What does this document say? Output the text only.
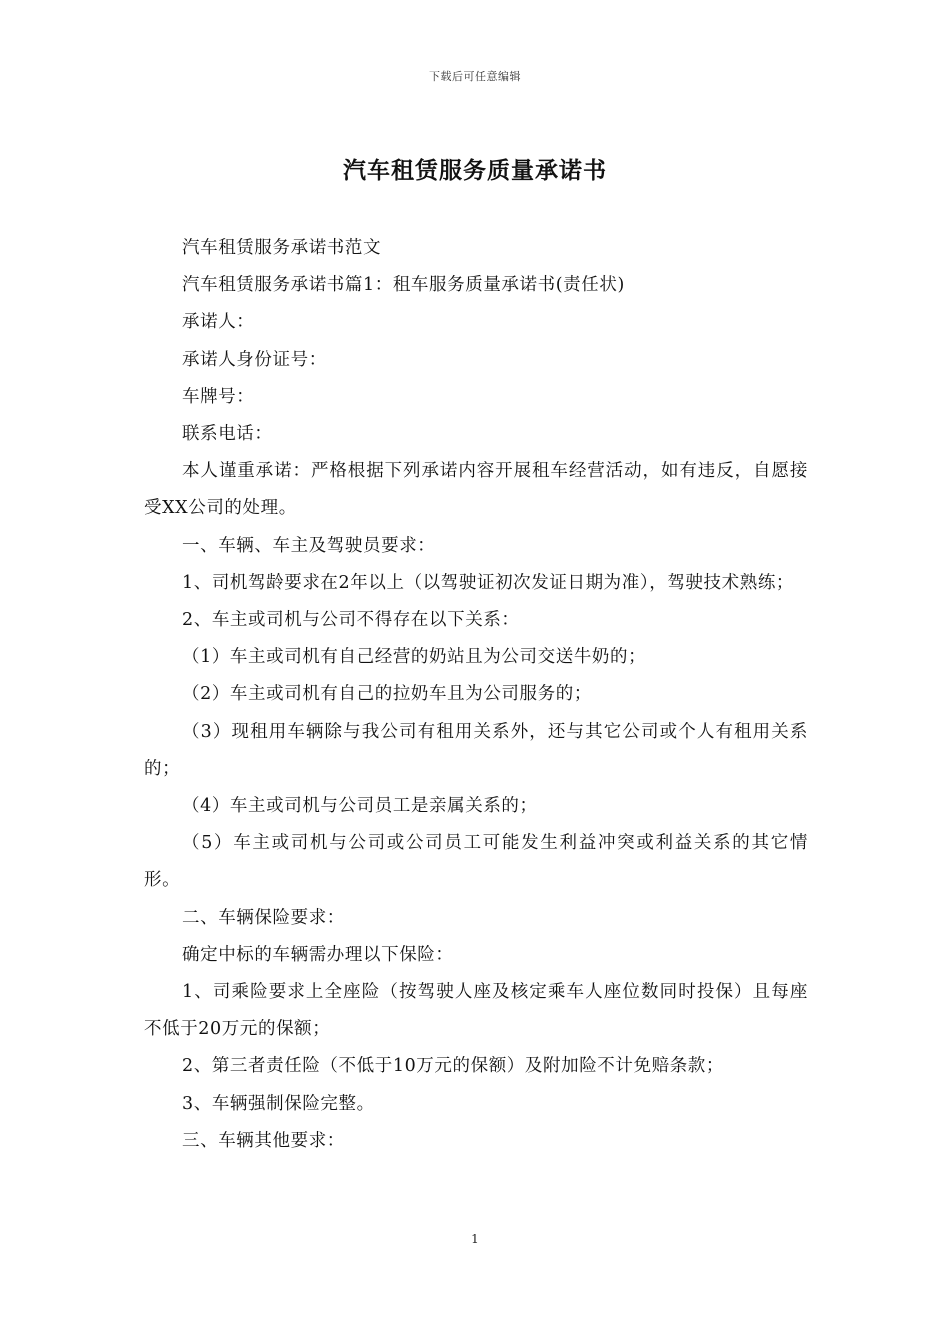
下载后可任意编辑
汽车租赁服务质量承诺书

汽车租赁服务承诺书范文

汽车租赁服务承诺书篇1：租车服务质量承诺书(责任状)

承诺人：

承诺人身份证号：

车牌号：

联系电话：

本人谨重承诺：严格根据下列承诺内容开展租车经营活动，如有违反，自愿接受XX公司的处理。

一、车辆、车主及驾驶员要求：

1、司机驾龄要求在2年以上（以驾驶证初次发证日期为准），驾驶技术熟练；

2、车主或司机与公司不得存在以下关系：

（1）车主或司机有自己经营的奶站且为公司交送牛奶的；

（2）车主或司机有自己的拉奶车且为公司服务的；

（3）现租用车辆除与我公司有租用关系外，还与其它公司或个人有租用关系的；

（4）车主或司机与公司员工是亲属关系的；

（5）车主或司机与公司或公司员工可能发生利益冲突或利益关系的其它情形。

二、车辆保险要求：

确定中标的车辆需办理以下保险：

1、司乘险要求上全座险（按驾驶人座及核定乘车人座位数同时投保）且每座不低于20万元的保额；

2、第三者责任险（不低于10万元的保额）及附加险不计免赔条款；

3、车辆强制保险完整。

三、车辆其他要求：

1
